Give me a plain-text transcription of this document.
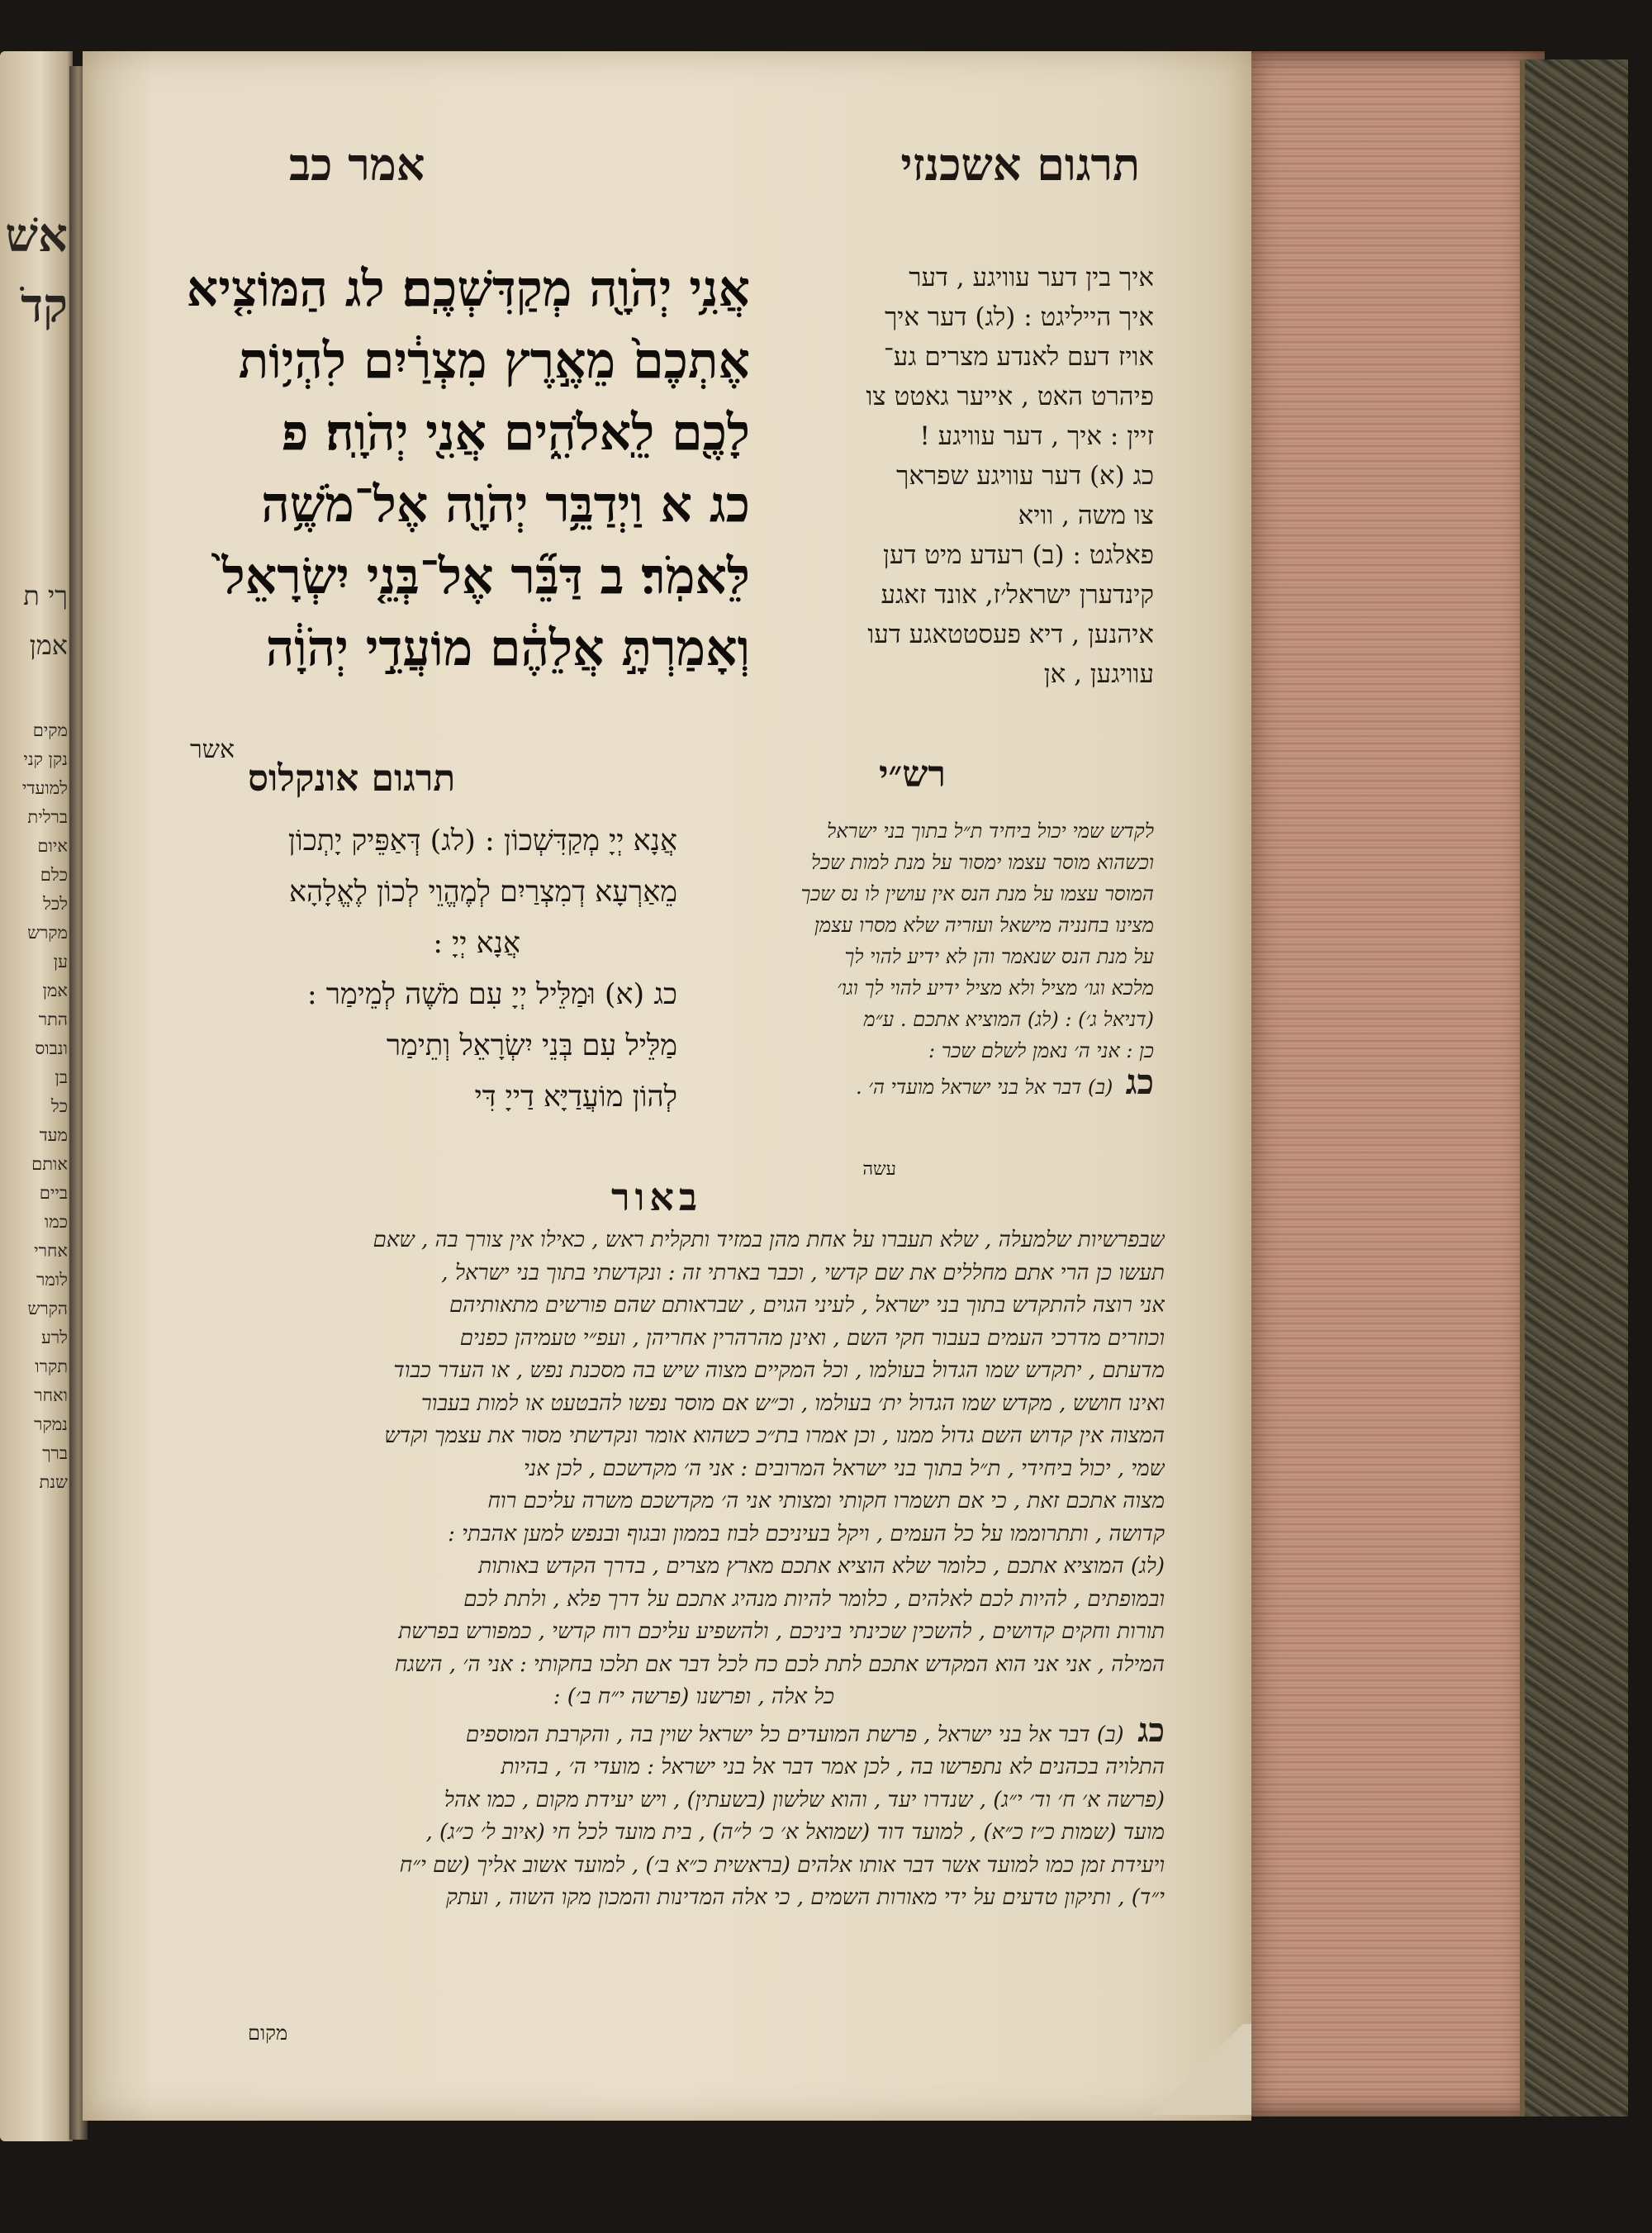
אשׁ
קדֹ
ךי ת
אמן
מקים
נקן קני
למועדי
ברלית
איום
כלם
לכל
מקרש
ען
אמן
התר
ונבוס
בן
כל
מעד
אותם
ביים
כמו
אחרי
לומר
הקרש
לרע
תקרו
ואחר
נמקר
ברך
שנת
תרגום אשכנזי
אמר כב
איך בין דער עוויגע , דער
איך הייליגט : (לג) דער איך
אויז דעם לאנדע מצרים גע־
פיהרט האט , אייער גאטט צו
זיין : איך , דער עוויגע !
כג (א) דער עוויגע שפראך
צו משה , וויא
פאלגט : (ב) רעדע מיט דען
קינדערן ישראל׳ז, אונד זאגע
איהנען , דיא פעסטטאגע דעו
עוויגען , אן
אֲנִ֥י יְהֹוָ֖ה מְקַדִּשְׁכֶֽם׃ לג הַמּוֹצִ֤יא
אֶתְכֶם֙ מֵאֶ֣רֶץ מִצְרַ֔יִם לִהְי֥וֹת
לָכֶ֖ם לֵֽאלֹהִ֑ים אֲנִ֖י יְהֹוָֽה׃ פ
כג א וַיְדַבֵּ֥ר יְהֹוָ֖ה אֶל־מֹשֶׁ֥ה
לֵּאמֹֽר׃ ב דַּבֵּ֞ר אֶל־בְּנֵ֤י יִשְׂרָאֵל֙
וְאָמַרְתָּ֣ אֲלֵהֶ֔ם מוֹעֲדֵ֣י יְהֹוָ֔ה
אשר
רש״י
תרגום אונקלוס
לקדש שמי יכול ביחיד ת״ל בתוך בני ישראל
וכשהוא מוסר עצמו ימסור על מנת למות שכל
המוסר עצמו על מנת הנס אין עושין לו נס שכך
מצינו בחנניה מישאל ועזריה שלא מסרו עצמן
על מנת הנס שנאמר והן לא ידיע להוי לך
מלכא וגו׳ מציל ולא מציל ידיע להוי לך וגו׳
(דניאל ג׳) : (לג) המוציא אתכם . ע״מ
כן : אני ה׳ נאמן לשלם שכר :
כג  (ב) דבר אל בני ישראל מועדי ה׳ .
עשה
אֲנָא יְיָ מְקַדִּשְׁכוֹן : (לג) דְּאַפֵּיק יָתְכוֹן
מֵאַרְעָא דְמִצְרַיִם לְמֶהֱוֵי לְכוֹן לֶאֱלָהָא
אֲנָא יְיָ :
כג (א) וּמַלֵּיל יְיָ עִם מֹשֶׁה לְמֵימַר :
מַלֵּיל עִם בְּנֵי יִשְׂרָאֵל וְתֵימַר
לְהוֹן מוֹעֲדַיָּא דַייָ דִּי
באור
שבפרשיות שלמעלה , שלא תעברו על אחת מהן במזיד ותקלית ראש , כאילו אין צורך בה , שאם
תעשו כן הרי אתם מחללים את שם קדשי , וכבר בארתי זה : ונקדשתי בתוך בני ישראל ,
אני רוצה להתקדש בתוך בני ישראל , לעיני הגוים , שבראותם שהם פורשים מתאותיהם
וכוזרים מדרכי העמים בעבור חקי השם , ואינן מהרהרין אחריהן , ועפ״י טעמיהן כפנים
מדעתם , יתקדש שמו הגדול בעולמו , וכל המקיים מצוה שיש בה מסכנת נפש , או העדר כבוד
ואינו חושש , מקדש שמו הגדול ית׳ בעולמו , וכ״ש אם מוסר נפשו להבטעט או למות בעבור
המצוה אין קדוש השם גדול ממנו , וכן אמרו בת״כ כשהוא אומר ונקדשתי מסור את עצמך וקדש
שמי , יכול ביחידי , ת״ל בתוך בני ישראל המרובים : אני ה׳ מקדשכם , לכן אני
מצוה אתכם זאת , כי אם תשמרו חקותי ומצותי אני ה׳ מקדשכם משרה עליכם רוח
קדושה , ותתרוממו על כל העמים , ויקל בעיניכם לבוז בממון ובגוף ובנפש למען אהבתי :
(לג) המוציא אתכם , כלומר שלא הוציא אתכם מארץ מצרים , בדרך הקדש באותות
ובמופתים , להיות לכם לאלהים , כלומר להיות מנהיג אתכם על דרך פלא , ולתת לכם
תורות וחקים קדושים , להשכין שכינתי ביניכם , ולהשפיע עליכם רוח קדשי , כמפורש בפרשת
המילה , אני אני הוא המקדש אתכם לתת לכם כח לכל דבר אם תלכו בחקותי : אני ה׳ , השגח
כל אלה , ופרשנו (פרשה י״ח ב׳) :
כג  (ב) דבר אל בני ישראל , פרשת המועדים כל ישראל שוין בה , והקרבת המוספים
התלויה בכהנים לא נתפרשו בה , לכן אמר דבר אל בני ישראל : מועדי ה׳ , בהיות
(פרשה א׳ ח׳ וד׳ י״ג) , שנדרו יעד , והוא שלשון (בשעתין) , ויש יעידת מקום , כמו אהל
מועד (שמות כ״ז כ״א) , למועד דוד (שמואל א׳ כ׳ ל״ה) , בית מועד לכל חי (איוב ל׳ כ״ג) ,
ויעידת זמן כמו למועד אשר דבר אותו אלהים (בראשית כ״א ב׳) , למועד אשוב אליך (שם י״ח
י״ד) , ותיקון טדעים על ידי מאורות השמים , כי אלה המדינות והמכון מקו השוה , ועתק
מקום
